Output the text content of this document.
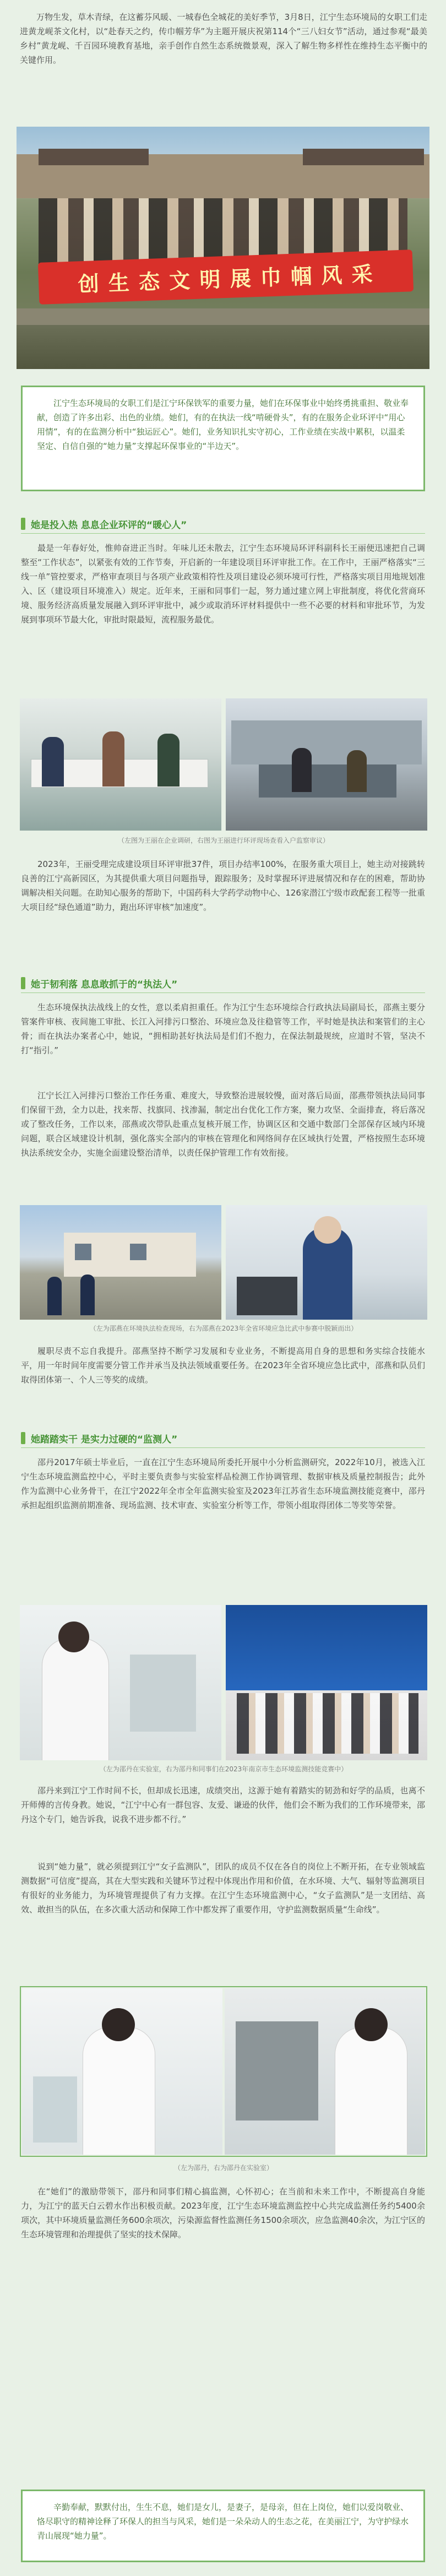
万物生发，草木青绿，在这蓄芬风暖、一城春色全城花的美好季节，3月8日，江宁生态环境局的女职工们走进黄龙岘茶文化村，以“赴春天之约，传巾帼芳华”为主题开展庆祝第114个“三八妇女节”活动，通过参观“最美乡村”黄龙岘、千百园环境教育基地，亲手创作自然生态系统微景观，深入了解生物多样性在维持生态平衡中的关键作用。
创 生 态 文 明 展 巾 帼 风 采
江宁生态环境局的女职工们是江宁环保铁军的重要力量，她们在环保事业中始终勇挑重担、敬业奉献，创造了许多出彩、出色的业绩。她们，有的在执法一线“啃硬骨头”，有的在服务企业环评中“用心用情”，有的在监测分析中“独运匠心”。她们，业务知识扎实守初心，工作业绩在实战中累积，以温柔坚定、自信自强的“她力量”支撑起环保事业的“半边天”。
她是投入热 息息企业环评的“暖心人”
最是一年春好处，惟帅奋进正当时。年味儿还未散去，江宁生态环境局环评科副科长王丽便迅速把自己调整至“工作状态”，以紧张有效的工作节奏，开启新的一年建设项目环评审批工作。在工作中，王丽严格落实“三线一单”管控要求，严格审查项目与各项产业政策相符性及项目建设必须环境可行性，严格落实项目用地规划准入、区（建设项目环境准入）规定。近年来，王丽和同事们一起，努力通过建立网上审批制度，将优化营商环境、服务经济高质量发展融入到环评审批中，减少或取消环评材料提供中一些不必要的材料和审批环节，为发展到事项环节最大化，审批时限最短，流程服务最优。
（左图为王丽在企业调研，右图为王丽进行环评现场查看入户监察审议）
2023年，王丽受理完成建设项目环评审批37件，项目办结率100%，在服务重大项目上，她主动对接跳转良善的江宁高新园区，为其提供重大项目问题指导，跟踪服务；及时掌握环评进展情况和存在的困难，帮助协调解决相关问题。在助知心服务的帮助下，中国药科大学药学动物中心、126家潜江宁级市政配套工程等一批重大项目经“绿色通道”助力，跑出环评审核“加速度”。
她于韧利落 息息敢抓于的“执法人”
生态环境保执法战线上的女性，意以柔肩担重任。作为江宁生态环境综合行政执法局副局长，邵燕主要分管案件审核、夜间施工审批、长江入河排污口整治、环境应急及往稳管等工作，平时她是执法和案管们的主心骨；而在执法办案者心中，她说，“拥相助甚好执法局是们们不抱力，在保法制最规统，应道时不管，坚决不打“指引。”
江宁长江入河排污口整治工作任务重、难度大，导致整治进展较慢，面对落后局面，邵燕带领执法局同事们保留干劲，全力以赴，找来帮、找旗同、找渗漏，制定出台优化工作方案，聚力攻坚、全面排查，将后落况或了整改任务，工作以来，邵燕或次带队赴重点复核开展工作，协调区区和交通中数部门全部保存区域内环境问题，联合区域建设计机制，强化落实全部内的审核在管理化和网络间存在区域执行处置，严格按照生态环境执法系统安全办，实施全面建设整治清单，以责任保护管理工作有效衔接。
（左为邵燕在环境执法检查现场，右为邵燕在2023年全省环境应急比武中参赛中脱颖而出）
履职尽责不忘自我提升。邵燕坚持不断学习发展和专业业务，不断提高用自身的思想和务实综合技能水平，用一年时间年度需要分管工作并承当及执法领域重要任务。在2023年全省环境应急比武中，邵燕和队员们取得团体第一、个人三等奖的成绩。
她踏踏实干 是实力过硬的“监测人”
邵丹2017年硕士毕业后，一直在江宁生态环境局所委托开展中小分析监测研究，2022年10月，被选入江宁生态环境监测监控中心，平时主要负责参与实验室样品检测工作协调管理、数据审核及质量控制报告；此外作为监测中心业务骨干，在江宁2022年全市全年监测实验室及2023年江苏省生态环境监测技能竞赛中，邵丹承担起组织监测前期准备、现场监测、技术审查、实验室分析等工作，带领小组取得团体二等奖等荣誉。
（左为邵丹在实验室，右为邵丹和同事们在2023年南京市生态环境监测技能竞赛中）
邵丹来到江宁工作时间不长，但却成长迅速，成绩突出，这源于她有着踏实的韧劲和好学的品质，也离不开师傅的言传身教。她说，“江宁中心有一群包容、友爱、谦逊的伙伴，他们会不断为我们的工作环境带来，邵丹这个专门，她告诉我，说我不进步都不行。”
说到“她力量”，就必须提到江宁“女子监测队”，团队的成员不仅在各自的岗位上不断开拓，在专业领域监测数据“可信度”提高，其在大型实践和关键环节过程中体现出作用和价值，在水环境、大气、辐射等监测项目有很好的业务能力，为环境管理提供了有力支撑。在江宁生态环境监测中心，“女子监测队”是一支团结、高效、敢担当的队伍，在多次重大活动和保障工作中都发挥了重要作用，守护监测数据质量“生命线”。
（左为邵丹，右为邵丹在实验室）
在“她们”的激励带领下，邵丹和同事们精心搞监测，心怀初心；在当前和未来工作中，不断提高自身能力，为江宁的蓝天白云碧水作出积极贡献。2023年度，江宁生态环境监测监控中心共完成监测任务约5400余项次，其中环境质量监测任务600余项次，污染源监督性监测任务1500余项次，应急监测40余次，为江宁区的生态环境管理和治理提供了坚实的技术保障。
辛勤奉献，默默付出，生生不息，她们是女儿，是妻子，是母亲，但在上岗位，她们以爱岗敬业、恪尽职守的精神诠释了环保人的担当与风采，她们是一朵朵动人的生态之花，在美丽江宁，为守护绿水青山展现“她力量”。
